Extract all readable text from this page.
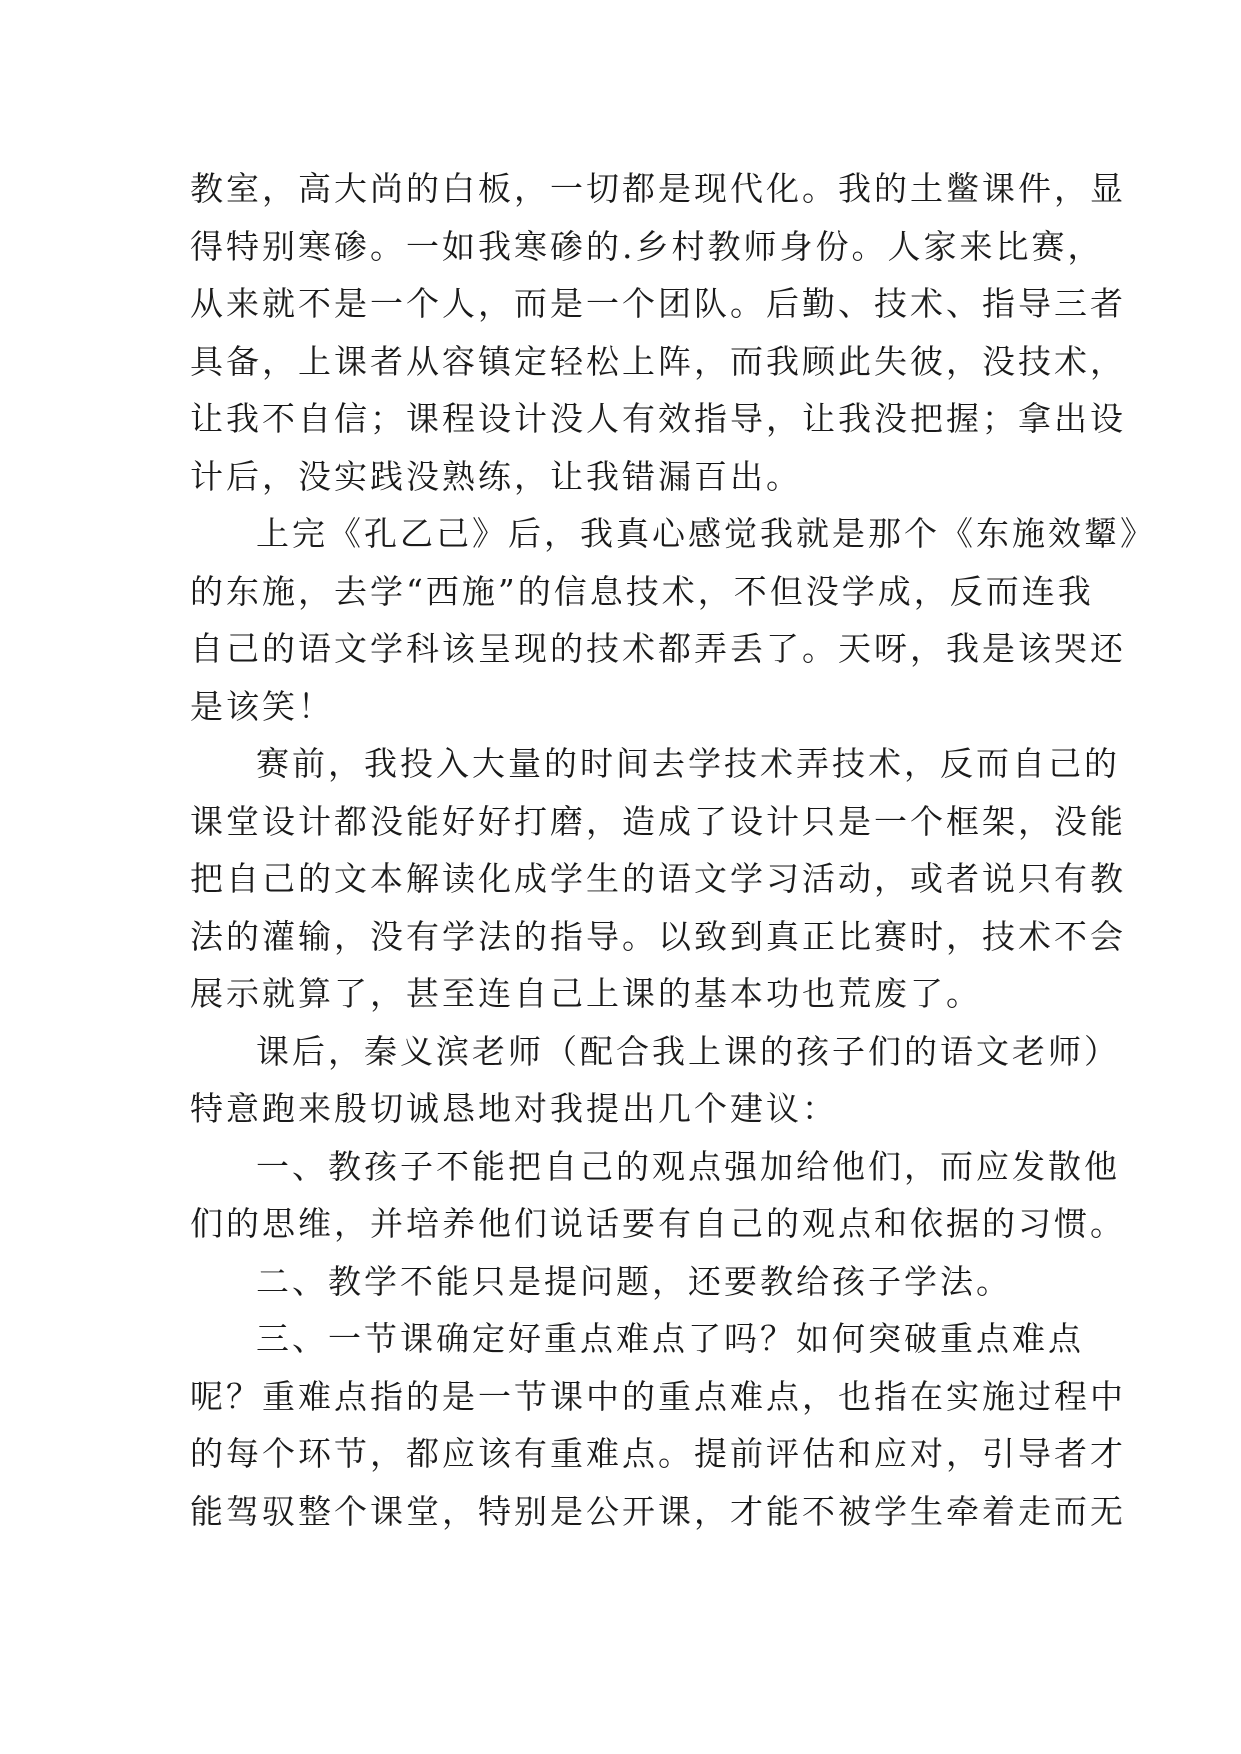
教室，高大尚的白板，一切都是现代化。我的土鳖课件，显
得特别寒碜。一如我寒碜的.乡村教师身份。人家来比赛，
从来就不是一个人，而是一个团队。后勤、技术、指导三者
具备，上课者从容镇定轻松上阵，而我顾此失彼，没技术，
让我不自信；课程设计没人有效指导，让我没把握；拿出设
计后，没实践没熟练，让我错漏百出。
上完《孔乙己》后，我真心感觉我就是那个《东施效颦》
的东施，去学“西施”的信息技术，不但没学成，反而连我
自己的语文学科该呈现的技术都弄丢了。天呀，我是该哭还
是该笑！
赛前，我投入大量的时间去学技术弄技术，反而自己的
课堂设计都没能好好打磨，造成了设计只是一个框架，没能
把自己的文本解读化成学生的语文学习活动，或者说只有教
法的灌输，没有学法的指导。以致到真正比赛时，技术不会
展示就算了，甚至连自己上课的基本功也荒废了。
课后，秦义滨老师（配合我上课的孩子们的语文老师）
特意跑来殷切诚恳地对我提出几个建议：
一、教孩子不能把自己的观点强加给他们，而应发散他
们的思维，并培养他们说话要有自己的观点和依据的习惯。
二、教学不能只是提问题，还要教给孩子学法。
三、一节课确定好重点难点了吗？如何突破重点难点
呢？重难点指的是一节课中的重点难点，也指在实施过程中
的每个环节，都应该有重难点。提前评估和应对，引导者才
能驾驭整个课堂，特别是公开课，才能不被学生牵着走而无
